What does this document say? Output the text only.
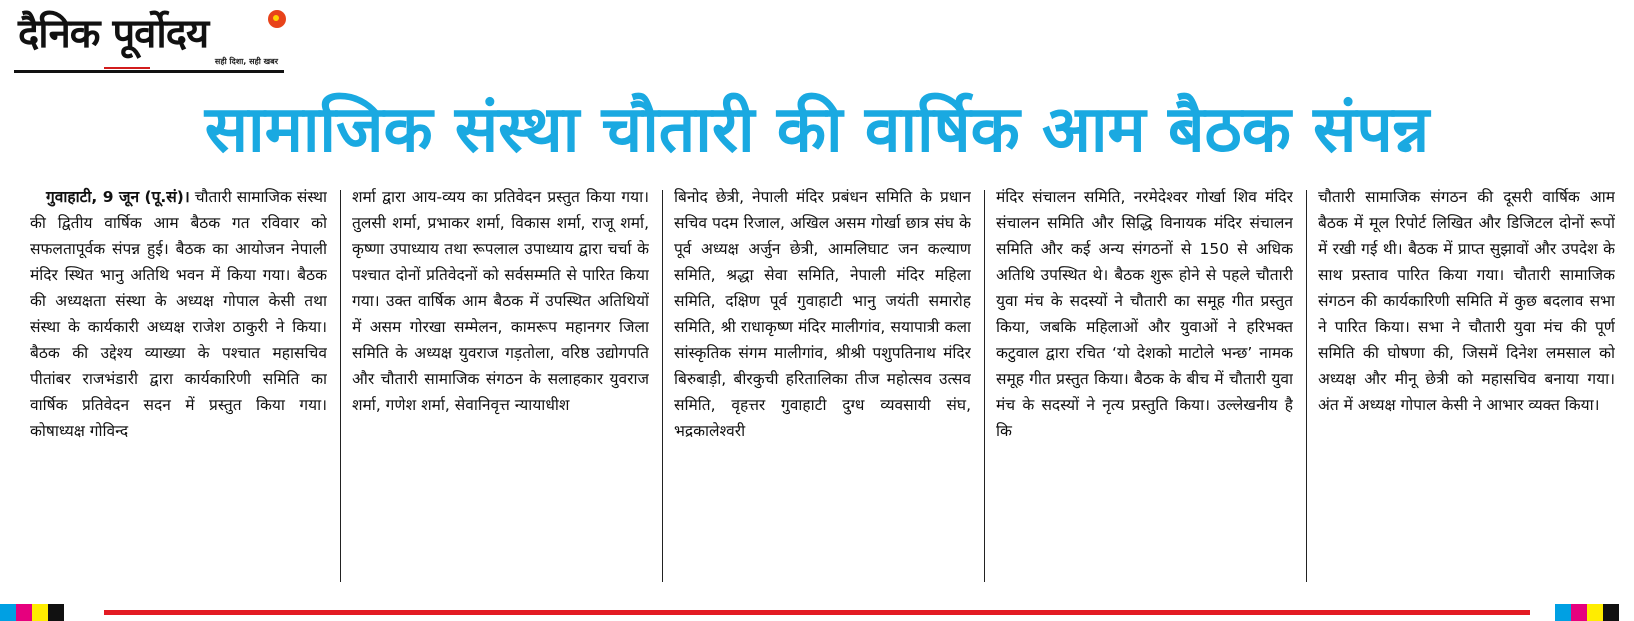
दैनिक पूर्वोदय
सही दिशा, सही खबर
सामाजिक संस्था चौतारी की वार्षिक आम बैठक संपन्न

गुवाहाटी, 9 जून (पू.सं)। चौतारी सामाजिक संस्था की द्वितीय वार्षिक आम बैठक गत रविवार को सफलतापूर्वक संपन्न हुई। बैठक का आयोजन नेपाली मंदिर स्थित भानु अतिथि भवन में किया गया। बैठक की अध्यक्षता संस्था के अध्यक्ष गोपाल केसी तथा संस्था के कार्यकारी अध्यक्ष राजेश ठाकुरी ने किया। बैठक की उद्देश्य व्याख्या के पश्चात महासचिव पीतांबर राजभंडारी द्वारा कार्यकारिणी समिति का वार्षिक प्रतिवेदन सदन में प्रस्तुत किया गया। कोषाध्यक्ष गोविन्द

शर्मा द्वारा आय-व्यय का प्रतिवेदन प्रस्तुत किया गया। तुलसी शर्मा, प्रभाकर शर्मा, विकास शर्मा, राजू शर्मा, कृष्णा उपाध्याय तथा रूपलाल उपाध्याय द्वारा चर्चा के पश्चात दोनों प्रतिवेदनों को सर्वसम्मति से पारित किया गया। उक्त वार्षिक आम बैठक में उपस्थित अतिथियों में असम गोरखा सम्मेलन, कामरूप महानगर जिला समिति के अध्यक्ष युवराज गड़तोला, वरिष्ठ उद्योगपति और चौतारी सामाजिक संगठन के सलाहकार युवराज शर्मा, गणेश शर्मा, सेवानिवृत्त न्यायाधीश

बिनोद छेत्री, नेपाली मंदिर प्रबंधन समिति के प्रधान सचिव पदम रिजाल, अखिल असम गोर्खा छात्र संघ के पूर्व अध्यक्ष अर्जुन छेत्री, आमलिघाट जन कल्याण समिति, श्रद्धा सेवा समिति, नेपाली मंदिर महिला समिति, दक्षिण पूर्व गुवाहाटी भानु जयंती समारोह समिति, श्री राधाकृष्ण मंदिर मालीगांव, सयापात्री कला सांस्कृतिक संगम मालीगांव, श्रीश्री पशुपतिनाथ मंदिर बिरुबाड़ी, बीरकुची हरितालिका तीज महोत्सव उत्सव समिति, वृहत्तर गुवाहाटी दुग्ध व्यवसायी संघ, भद्रकालेश्वरी

मंदिर संचालन समिति, नरमेदेश्वर गोर्खा शिव मंदिर संचालन समिति और सिद्धि विनायक मंदिर संचालन समिति और कई अन्य संगठनों से 150 से अधिक अतिथि उपस्थित थे। बैठक शुरू होने से पहले चौतारी युवा मंच के सदस्यों ने चौतारी का समूह गीत प्रस्तुत किया, जबकि महिलाओं और युवाओं ने हरिभक्त कटुवाल द्वारा रचित ‘यो देशको माटोले भन्छ’ नामक समूह गीत प्रस्तुत किया। बैठक के बीच में चौतारी युवा मंच के सदस्यों ने नृत्य प्रस्तुति किया। उल्लेखनीय है कि

चौतारी सामाजिक संगठन की दूसरी वार्षिक आम बैठक में मूल रिपोर्ट लिखित और डिजिटल दोनों रूपों में रखी गई थी। बैठक में प्राप्त सुझावों और उपदेश के साथ प्रस्ताव पारित किया गया। चौतारी सामाजिक संगठन की कार्यकारिणी समिति में कुछ बदलाव सभा ने पारित किया। सभा ने चौतारी युवा मंच की पूर्ण समिति की घोषणा की, जिसमें दिनेश लमसाल को अध्यक्ष और मीनू छेत्री को महासचिव बनाया गया। अंत में अध्यक्ष गोपाल केसी ने आभार व्यक्त किया।
